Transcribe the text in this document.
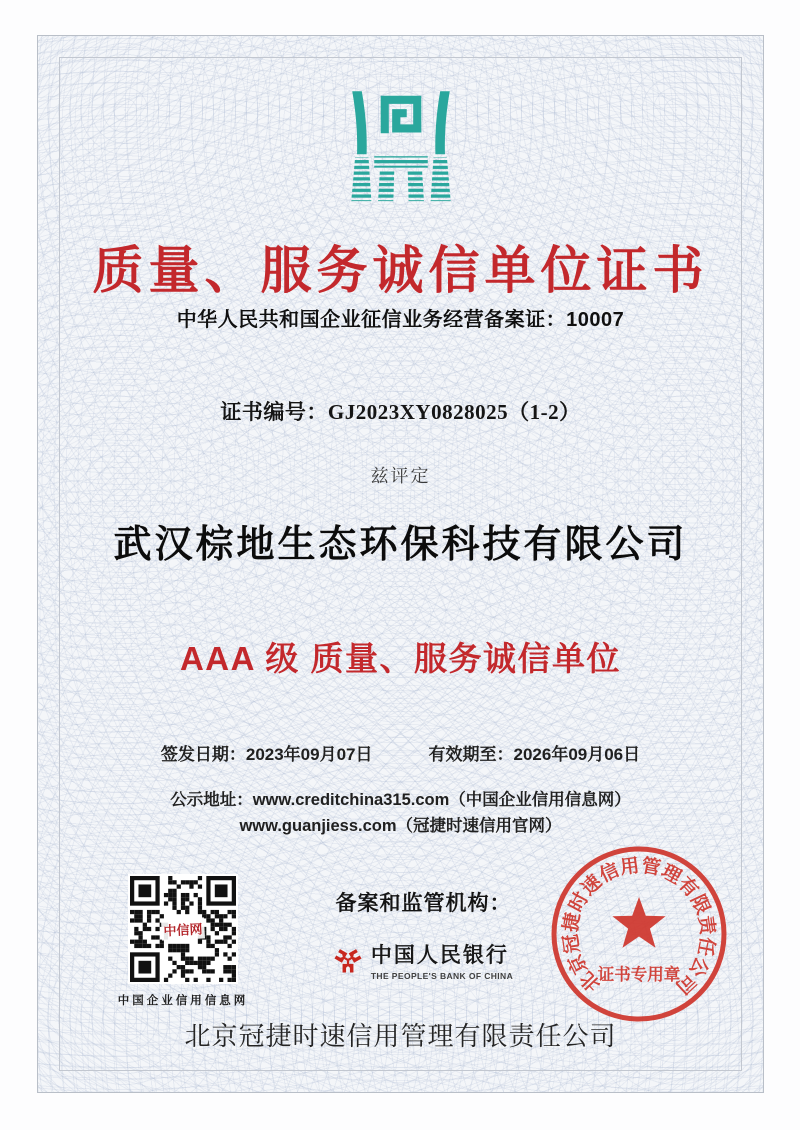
质量、服务诚信单位证书
中华人民共和国企业征信业务经营备案证：10007
证书编号：GJ2023XY0828025（1-2）
兹评定
武汉棕地生态环保科技有限公司
AAA 级 质量、服务诚信单位
签发日期：2023年09月07日	有效期至：2026年09月06日
公示地址：www.creditchina315.com（中国企业信用信息网）
www.guanjiess.com（冠捷时速信用官网）
中信网
中国企业信用信息网
备案和监管机构：
中国人民银行
THE PEOPLE'S BANK OF CHINA	北京冠捷时速信用管理有限责任公司
证书专用章
北京冠捷时速信用管理有限责任公司
